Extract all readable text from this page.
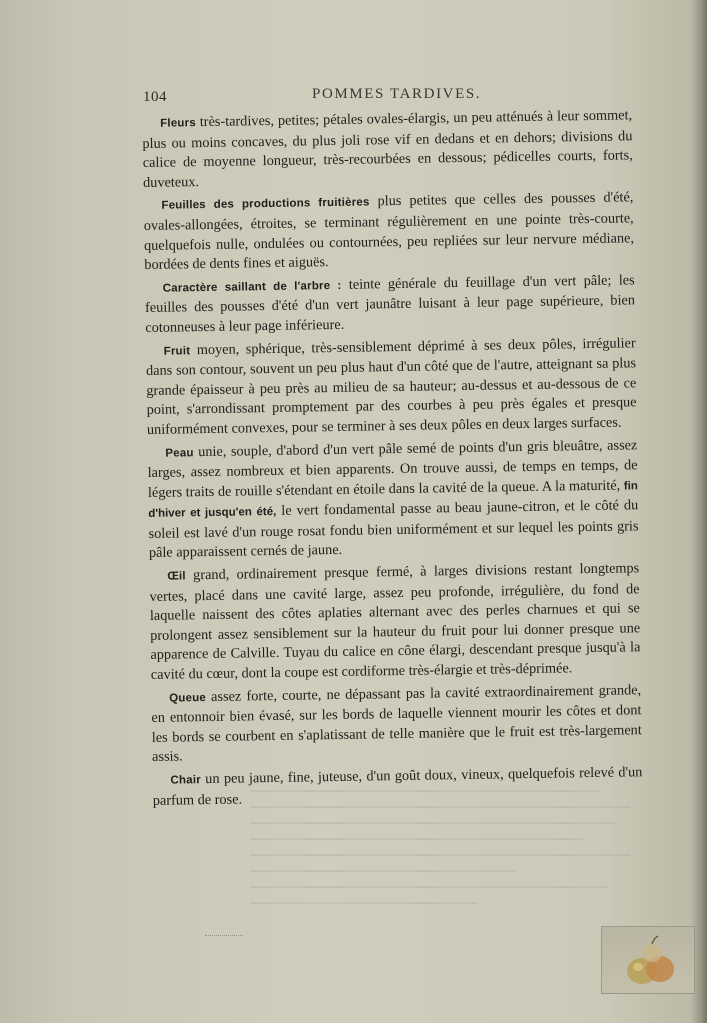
104	POMMES TARDIVES.

Fleurs très-tardives, petites; pétales ovales-élargis, un peu atténués à leur sommet, plus ou moins concaves, du plus joli rose vif en dedans et en dehors; divisions du calice de moyenne longueur, très-recourbées en dessous; pédicelles courts, forts, duveteux.

Feuilles des productions fruitières plus petites que celles des pousses d'été, ovales-allongées, étroites, se terminant régulièrement en une pointe très-courte, quelquefois nulle, ondulées ou contournées, peu repliées sur leur nervure médiane, bordées de dents fines et aiguës.

Caractère saillant de l'arbre : teinte générale du feuillage d'un vert pâle; les feuilles des pousses d'été d'un vert jaunâtre luisant à leur page supérieure, bien cotonneuses à leur page inférieure.

Fruit moyen, sphérique, très-sensiblement déprimé à ses deux pôles, irrégulier dans son contour, souvent un peu plus haut d'un côté que de l'autre, atteignant sa plus grande épaisseur à peu près au milieu de sa hauteur; au-dessus et au-dessous de ce point, s'arrondissant promptement par des courbes à peu près égales et presque uniformément convexes, pour se terminer à ses deux pôles en deux larges surfaces.

Peau unie, souple, d'abord d'un vert pâle semé de points d'un gris bleuâtre, assez larges, assez nombreux et bien apparents. On trouve aussi, de temps en temps, de légers traits de rouille s'étendant en étoile dans la cavité de la queue. A la maturité, fin d'hiver et jusqu'en été, le vert fondamental passe au beau jaune-citron, et le côté du soleil est lavé d'un rouge rosat fondu bien uniformément et sur lequel les points gris pâle apparaissent cernés de jaune.

Œil grand, ordinairement presque fermé, à larges divisions restant longtemps vertes, placé dans une cavité large, assez peu profonde, irrégulière, du fond de laquelle naissent des côtes aplaties alternant avec des perles charnues et qui se prolongent assez sensiblement sur la hauteur du fruit pour lui donner presque une apparence de Calville. Tuyau du calice en cône élargi, descendant presque jusqu'à la cavité du cœur, dont la coupe est cordiforme très-élargie et très-déprimée.

Queue assez forte, courte, ne dépassant pas la cavité extraordinairement grande, en entonnoir bien évasé, sur les bords de laquelle viennent mourir les côtes et dont les bords se courbent en s'aplatissant de telle manière que le fruit est très-largement assis.

Chair un peu jaune, fine, juteuse, d'un goût doux, vineux, quelquefois relevé d'un parfum de rose.
